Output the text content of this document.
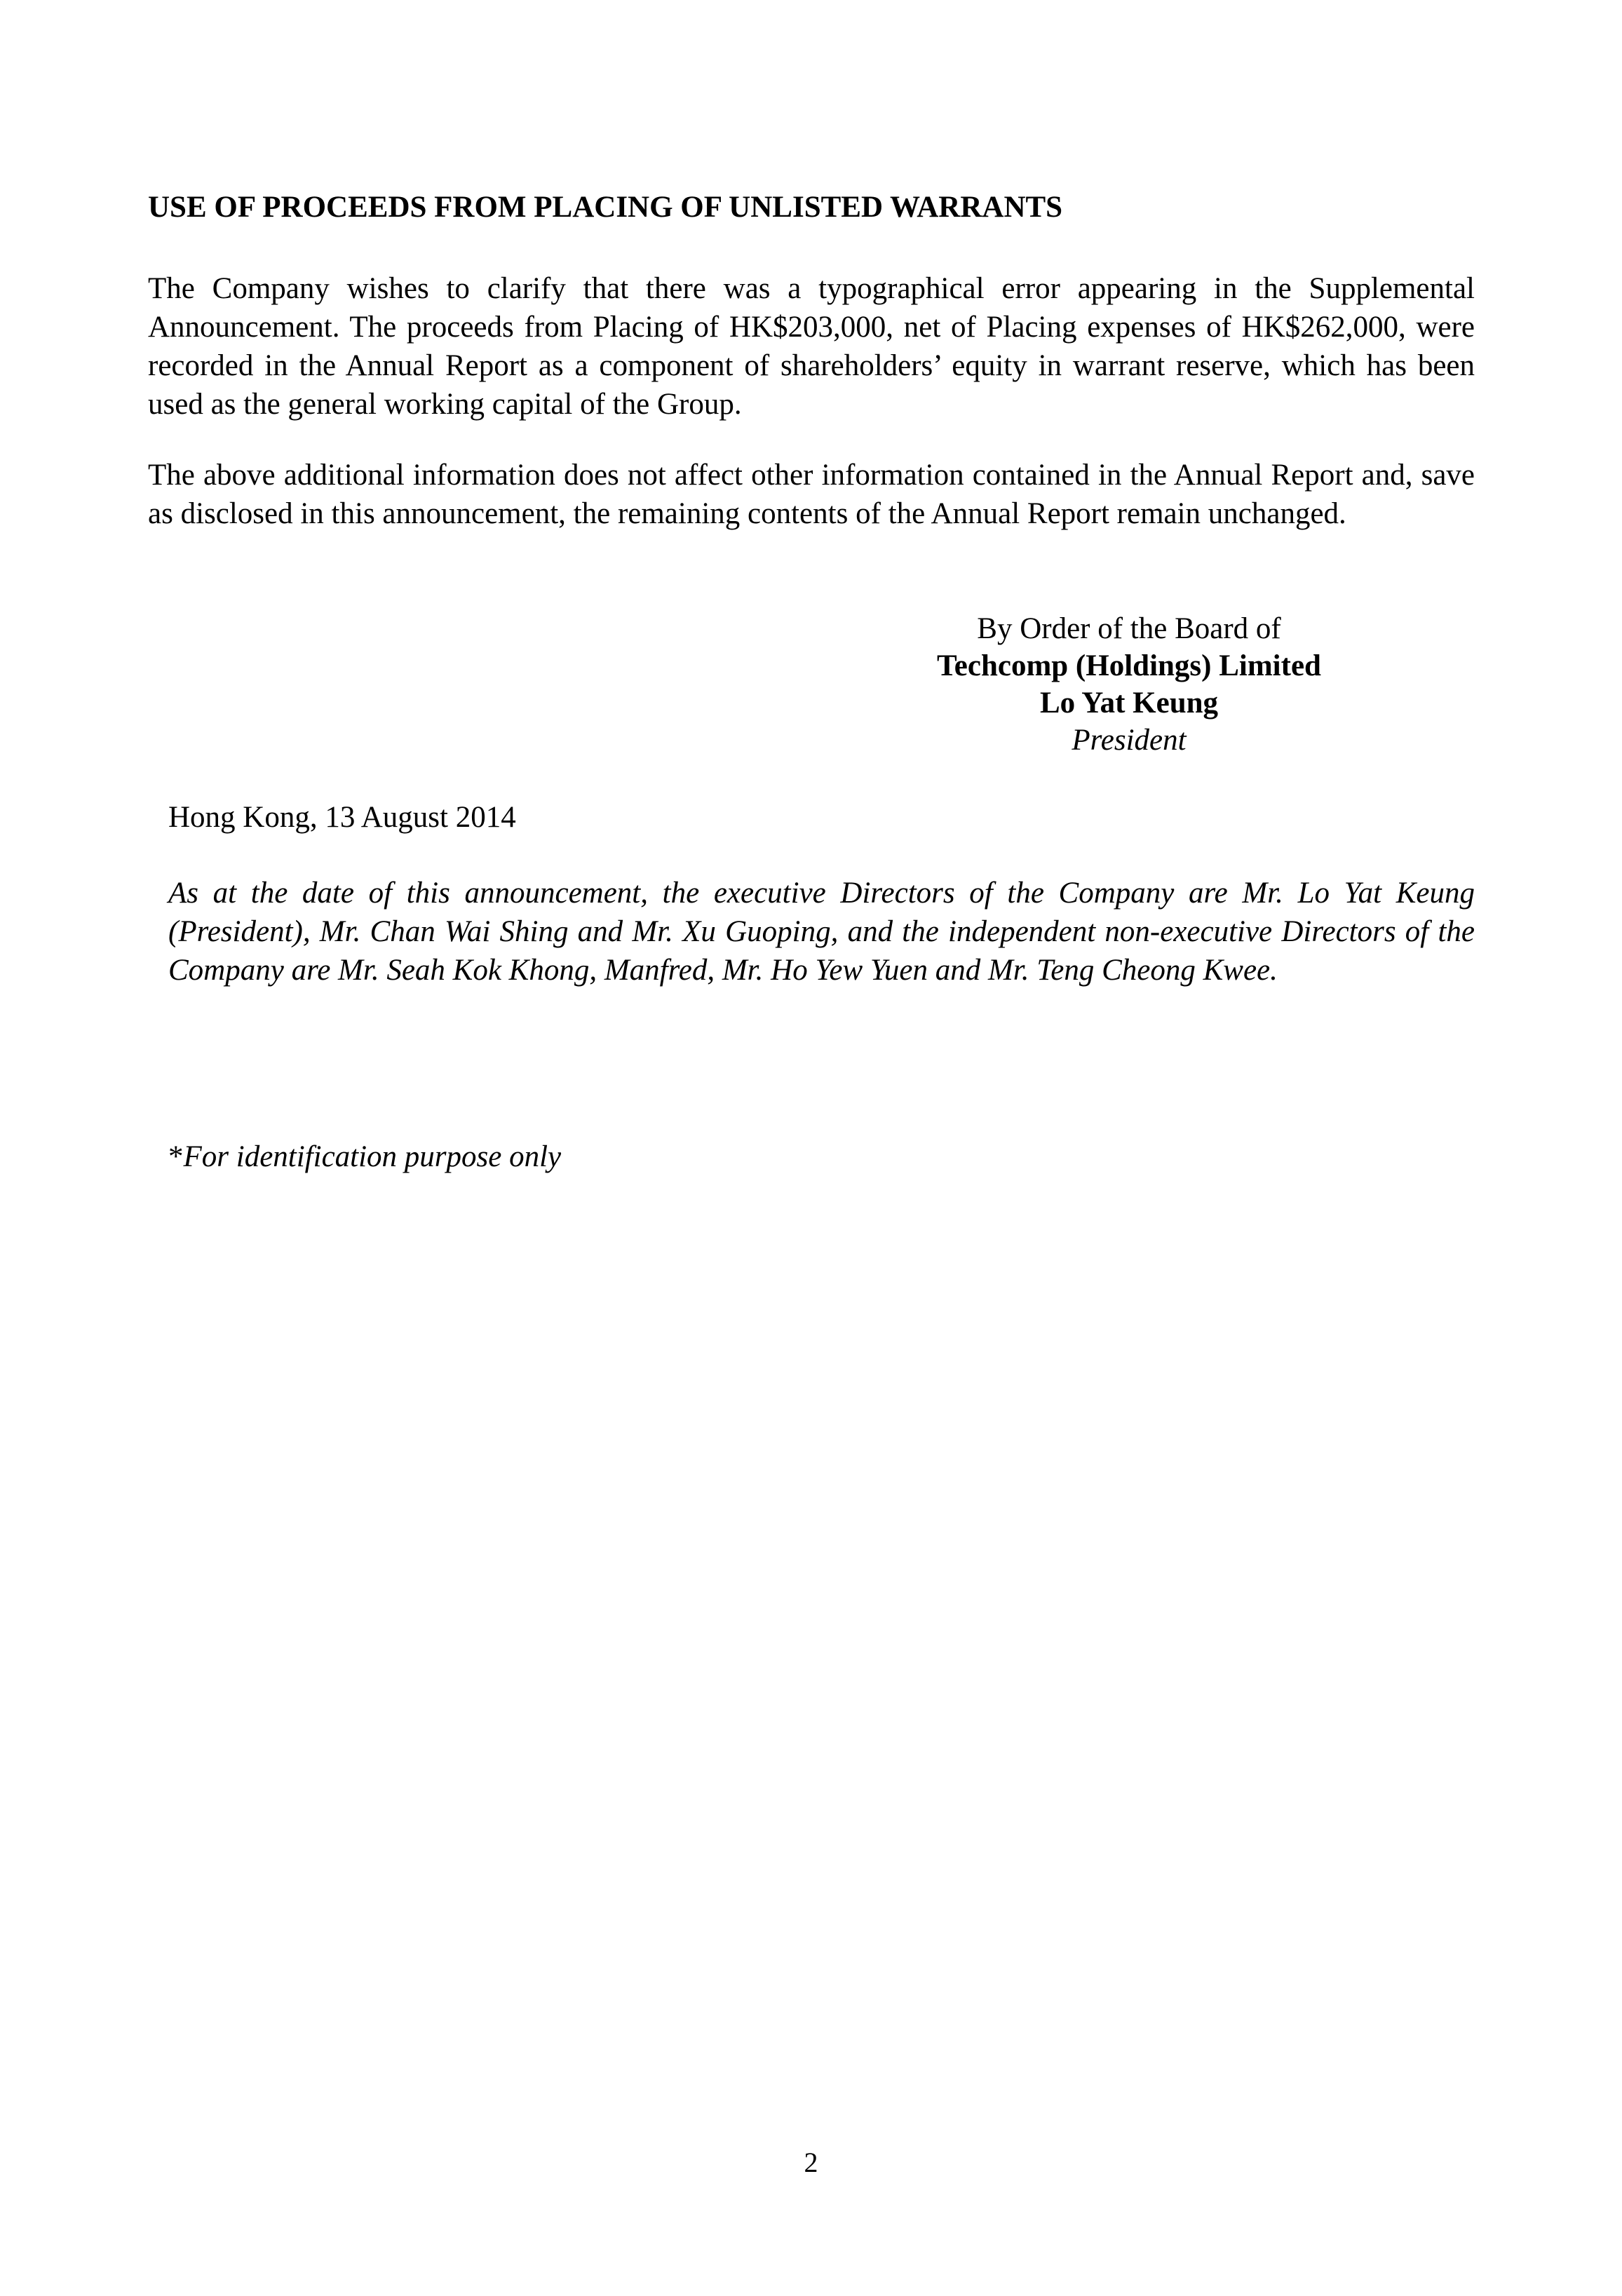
USE OF PROCEEDS FROM PLACING OF UNLISTED WARRANTS

The Company wishes to clarify that there was a typographical error appearing in the Supplemental Announcement. The proceeds from Placing of HK$203,000, net of Placing expenses of HK$262,000, were recorded in the Annual Report as a component of shareholders’ equity in warrant reserve, which has been used as the general working capital of the Group.

The above additional information does not affect other information contained in the Annual Report and, save as disclosed in this announcement, the remaining contents of the Annual Report remain unchanged.

By Order of the Board of
Techcomp (Holdings) Limited
Lo Yat Keung
President
Hong Kong, 13 August 2014

As at the date of this announcement, the executive Directors of the Company are Mr. Lo Yat Keung (President), Mr. Chan Wai Shing and Mr. Xu Guoping, and the independent non-executive Directors of the Company are Mr. Seah Kok Khong, Manfred, Mr. Ho Yew Yuen and Mr. Teng Cheong Kwee.

*For identification purpose only
2
